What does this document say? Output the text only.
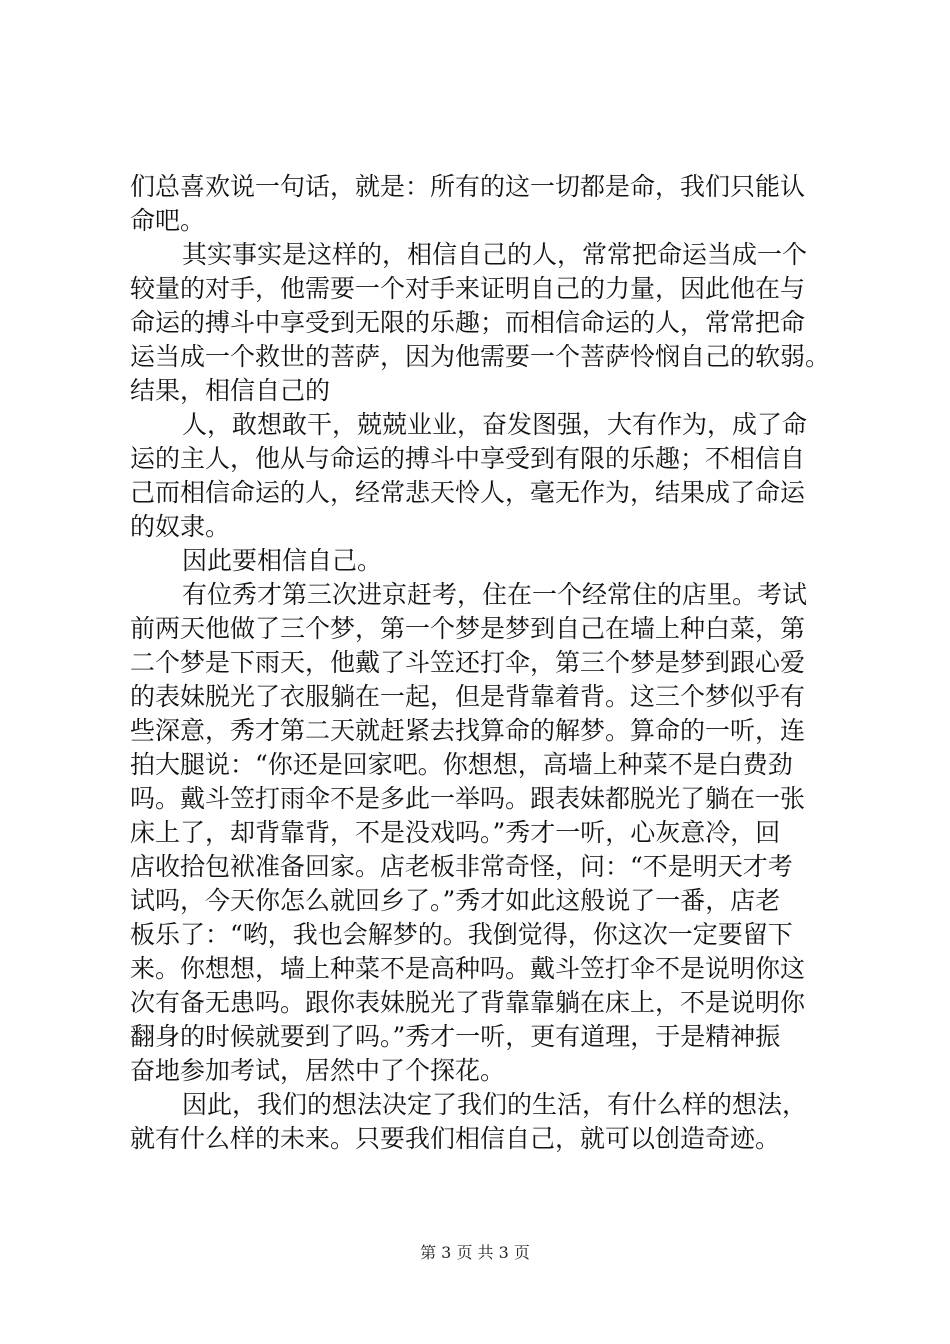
们总喜欢说一句话，就是：所有的这一切都是命，我们只能认
命吧。
其实事实是这样的，相信自己的人，常常把命运当成一个
较量的对手，他需要一个对手来证明自己的力量，因此他在与
命运的搏斗中享受到无限的乐趣；而相信命运的人，常常把命
运当成一个救世的菩萨，因为他需要一个菩萨怜悯自己的软弱。
结果，相信自己的
人，敢想敢干，兢兢业业，奋发图强，大有作为，成了命
运的主人，他从与命运的搏斗中享受到有限的乐趣；不相信自
己而相信命运的人，经常悲天怜人，毫无作为，结果成了命运
的奴隶。
因此要相信自己。
有位秀才第三次进京赶考，住在一个经常住的店里。考试
前两天他做了三个梦，第一个梦是梦到自己在墙上种白菜，第
二个梦是下雨天，他戴了斗笠还打伞，第三个梦是梦到跟心爱
的表妹脱光了衣服躺在一起，但是背靠着背。这三个梦似乎有
些深意，秀才第二天就赶紧去找算命的解梦。算命的一听，连
拍大腿说：“你还是回家吧。你想想，高墙上种菜不是白费劲
吗。戴斗笠打雨伞不是多此一举吗。跟表妹都脱光了躺在一张
床上了，却背靠背，不是没戏吗。”秀才一听，心灰意冷，回
店收拾包袱准备回家。店老板非常奇怪，问：“不是明天才考
试吗，今天你怎么就回乡了。”秀才如此这般说了一番，店老
板乐了：“哟，我也会解梦的。我倒觉得，你这次一定要留下
来。你想想，墙上种菜不是高种吗。戴斗笠打伞不是说明你这
次有备无患吗。跟你表妹脱光了背靠靠躺在床上，不是说明你
翻身的时候就要到了吗。”秀才一听，更有道理，于是精神振
奋地参加考试，居然中了个探花。
因此，我们的想法决定了我们的生活，有什么样的想法，
就有什么样的未来。只要我们相信自己，就可以创造奇迹。
第 3 页 共 3 页
